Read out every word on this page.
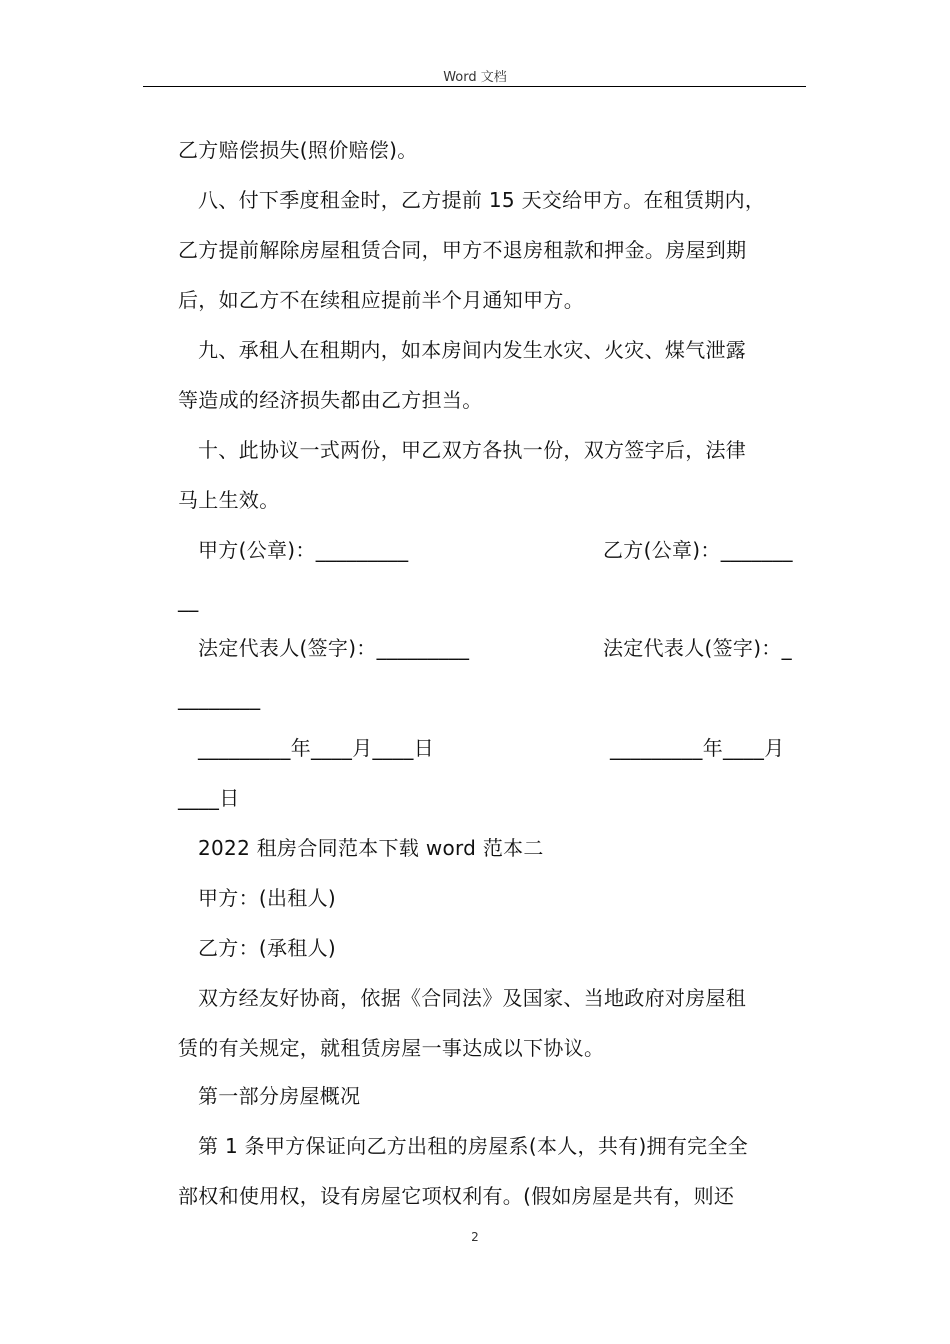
Word 文档
乙方赔偿损失(照价赔偿)。
八、付下季度租金时，乙方提前 15 天交给甲方。在租赁期内，
乙方提前解除房屋租赁合同，甲方不退房租款和押金。房屋到期
后，如乙方不在续租应提前半个月通知甲方。
九、承租人在租期内，如本房间内发生水灾、火灾、煤气泄露
等造成的经济损失都由乙方担当。
十、此协议一式两份，甲乙双方各执一份，双方签字后，法律
马上生效。
甲方(公章)：_________	乙方(公章)：_______
__
法定代表人(签字)：_________	法定代表人(签字)：_
________
_________年____月____日	_________年____月
____日
2022 租房合同范本下载 word 范本二
甲方：(出租人)
乙方：(承租人)
双方经友好协商，依据《合同法》及国家、当地政府对房屋租
赁的有关规定，就租赁房屋一事达成以下协议。
第一部分房屋概况
第 1 条甲方保证向乙方出租的房屋系(本人，共有)拥有完全全
部权和使用权，设有房屋它项权利有。(假如房屋是共有，则还
2
